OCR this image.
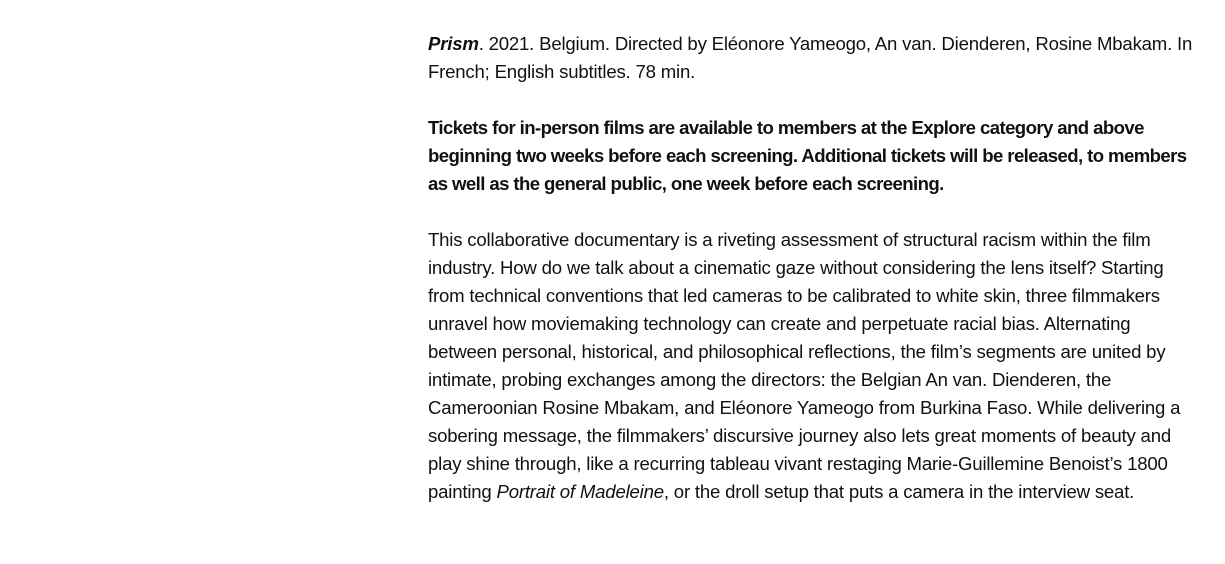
Prism. 2021. Belgium. Directed by Eléonore Yameogo, An van. Dienderen, Rosine Mbakam. In French; English subtitles. 78 min.

Tickets for in-person films are available to members at the Explore category and above beginning two weeks before each screening. Additional tickets will be released, to members as well as the general public, one week before each screening.

This collaborative documentary is a riveting assessment of structural racism within the film industry. How do we talk about a cinematic gaze without considering the lens itself? Starting from technical conventions that led cameras to be calibrated to white skin, three filmmakers unravel how moviemaking technology can create and perpetuate racial bias. Alternating between personal, historical, and philosophical reflections, the film’s segments are united by intimate, probing exchanges among the directors: the Belgian An van. Dienderen, the Cameroonian Rosine Mbakam, and Eléonore Yameogo from Burkina Faso. While delivering a sobering message, the filmmakers’ discursive journey also lets great moments of beauty and play shine through, like a recurring tableau vivant restaging Marie-Guillemine Benoist’s 1800 painting Portrait of Madeleine, or the droll setup that puts a camera in the interview seat.
